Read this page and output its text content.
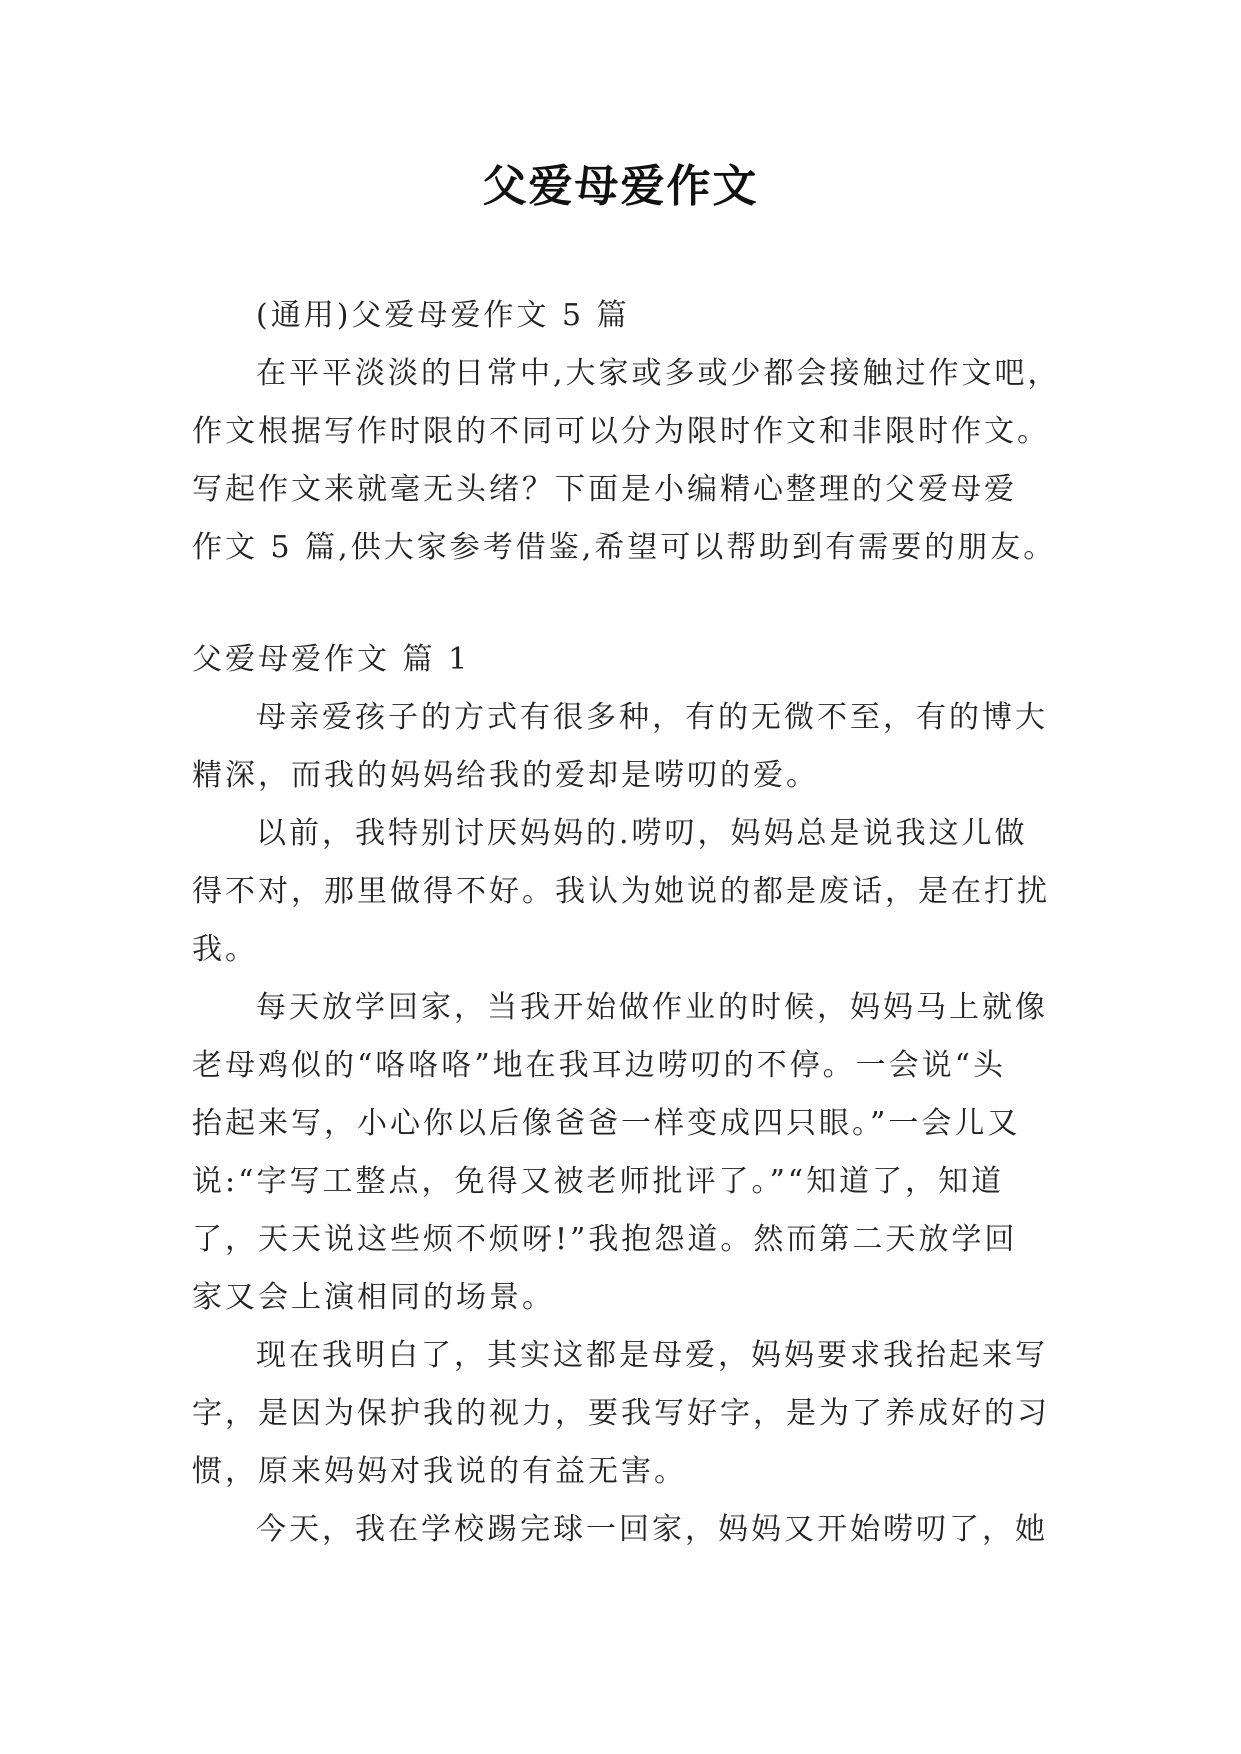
父爱母爱作文
(通用)父爱母爱作文 5 篇
在平平淡淡的日常中,大家或多或少都会接触过作文吧，
作文根据写作时限的不同可以分为限时作文和非限时作文。
写起作文来就毫无头绪？下面是小编精心整理的父爱母爱
作文 5 篇,供大家参考借鉴,希望可以帮助到有需要的朋友。
父爱母爱作文 篇 1
母亲爱孩子的方式有很多种，有的无微不至，有的博大
精深，而我的妈妈给我的爱却是唠叨的爱。
以前，我特别讨厌妈妈的.唠叨，妈妈总是说我这儿做
得不对，那里做得不好。我认为她说的都是废话，是在打扰
我。
每天放学回家，当我开始做作业的时候，妈妈马上就像
老母鸡似的“咯咯咯”地在我耳边唠叨的不停。一会说“头
抬起来写，小心你以后像爸爸一样变成四只眼。”一会儿又
说:“字写工整点，免得又被老师批评了。”“知道了，知道
了，天天说这些烦不烦呀!”我抱怨道。然而第二天放学回
家又会上演相同的场景。
现在我明白了，其实这都是母爱，妈妈要求我抬起来写
字，是因为保护我的视力，要我写好字，是为了养成好的习
惯，原来妈妈对我说的有益无害。
今天，我在学校踢完球一回家，妈妈又开始唠叨了，她
